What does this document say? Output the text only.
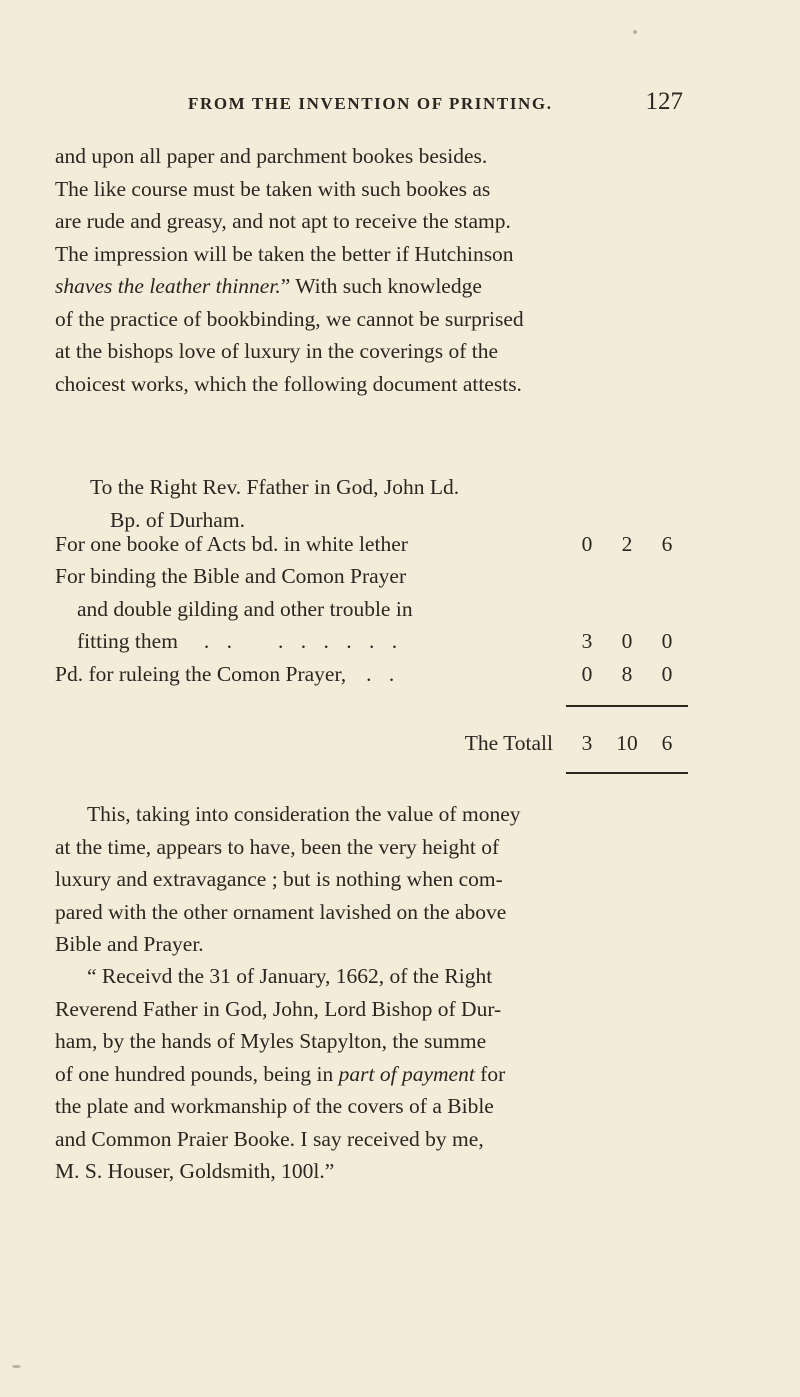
FROM THE INVENTION OF PRINTING.	127

and upon all paper and parchment bookes besides.

The like course must be taken with such bookes as

are rude and greasy, and not apt to receive the stamp.

The impression will be taken the better if Hutchinson

shaves the leather thinner.” With such knowledge

of the practice of bookbinding, we cannot be surprised

at the bishops love of luxury in the coverings of the

choicest works, which the following document attests.

To the Right Rev. Ffather in God, John Ld.
Bp. of Durham.
For one booke of Acts bd. in white lether	0	2	6
For binding the Bible and Comon Prayer
and double gilding and other trouble in
fitting them . . . . . . . .	3	0	0
Pd. for ruleing the Comon Prayer, . .	0	8	0
The Totall	3	10	6

This, taking into consideration the value of money

at the time, appears to have, been the very height of

luxury and extravagance ; but is nothing when com-

pared with the other ornament lavished on the above

Bible and Prayer.

“ Receivd the 31 of January, 1662, of the Right

Reverend Father in God, John, Lord Bishop of Dur-

ham, by the hands of Myles Stapylton, the summe

of one hundred pounds, being in part of payment for

the plate and workmanship of the covers of a Bible

and Common Praier Booke. I say received by me,

M. S. Houser, Goldsmith, 100l.”
